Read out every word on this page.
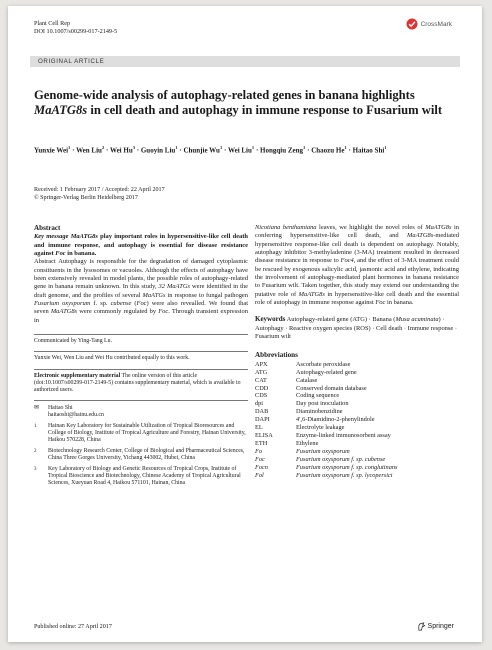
Plant Cell Rep
DOI 10.1007/s00299-017-2149-5
CrossMark
ORIGINAL ARTICLE
Genome-wide analysis of autophagy-related genes in banana highlights MaATG8s in cell death and autophagy in immune response to Fusarium wilt
Yunxie Wei$^1$ · Wen Liu$^2$ · Wei $Hu^3$ · Guoyin Liu$^1$ · Chunjie $Wu^1$ · Wei Liu$^1$ · Hongqiu Zeng$^1$ · Chaozu $He^1$ · Haitao Shi$^1$
Received: 1 February 2017 / Accepted: 22 April 2017
© Springer-Verlag Berlin Heidelberg 2017
Abstract

Key message MaATG8s play important roles in hypersensitive-like cell death and immune response, and autophagy is essential for disease resistance against Foc in banana.

Abstract Autophagy is responsible for the degradation of damaged cytoplasmic constituents in the lysosomes or vacuoles. Although the effects of autophagy have been extensively revealed in model plants, the possible roles of autophagy-related gene in banana remain unknown. In this study, 32 MaATGs were identified in the draft genome, and the profiles of several MaATGs in response to fungal pathogen Fusarium oxysporum f. sp. cubense (Foc) were also revealled. We found that seven MaATG8s were commonly regulated by Foc. Through transient expression in

Communicated by Ying-Tang Lu.
Yunxie Wei, Wen Liu and Wei Hu contributed equally to this work.
Electronic supplementary material The online version of this article (doi:10.1007/s00299-017-2149-5) contains supplementary material, which is available to authorized users.
✉	Haitao Shi
haitaoshi@hainu.edu.cn
1	Hainan Key Laboratory for Sustainable Utilization of Tropical Bioresources and College of Biology, Institute of Tropical Agriculture and Forestry, Hainan University, Haikou 570228, China
2	Biotechnology Research Center, College of Biological and Pharmaceutical Sciences, China Three Gorges University, Yichang 443002, Hubei, China
3	Key Laboratory of Biology and Genetic Resources of Tropical Crops, Institute of Tropical Bioscience and Biotechnology, Chinese Academy of Tropical Agricultural Sciences, Xueyuan Road 4, Haikou 571101, Hainan, China

Nicotiana benthamiana leaves, we highlight the novel roles of MaATG8s in conferring hypersensitive-like cell death, and MaATG8s-mediated hypersensitive response-like cell death is dependent on autophagy. Notably, autophagy inhibitor 3-methyladenine (3-MA) treatment resulted in decreased disease resistance in response to Foc4, and the effect of 3-MA treatment could be rescued by exogenous salicylic acid, jasmonic acid and ethylene, indicating the involvement of autophagy-mediated plant hormones in banana resistance to Fusarium wilt. Taken together, this study may extend our understanding the putative role of MaATG8s in hypersensitive-like cell death and the essential role of autophagy in immune response against Foc in banana.

Keywords Autophagy-related gene (ATG) · Banana (Musa acuminata) · Autophagy · Reactive oxygen species (ROS) · Cell death · Immune response · Fusarium wilt
Abbreviations
APX	Ascorbate peroxidase
ATG	Autophagy-related gene
CAT	Catalase
CDD	Conserved domain database
CDS	Coding sequence
dpi	Day post inoculation
DAB	Diaminobenzidine
DAPI	4′,6-Diamidino-2-phenylindole
EL	Electrolyte leakage
ELISA	Enzyme-linked immunosorbent assay
ETH	Ethylene
Fo	Fusarium oxysporum
Foc	Fusarium oxysporum f. sp. cubense
Focn	Fusarium oxysporum f. sp. conglutinans
Fol	Fusarium oxysporum f. sp. lycopersici
Published online: 27 April 2017	Springer
